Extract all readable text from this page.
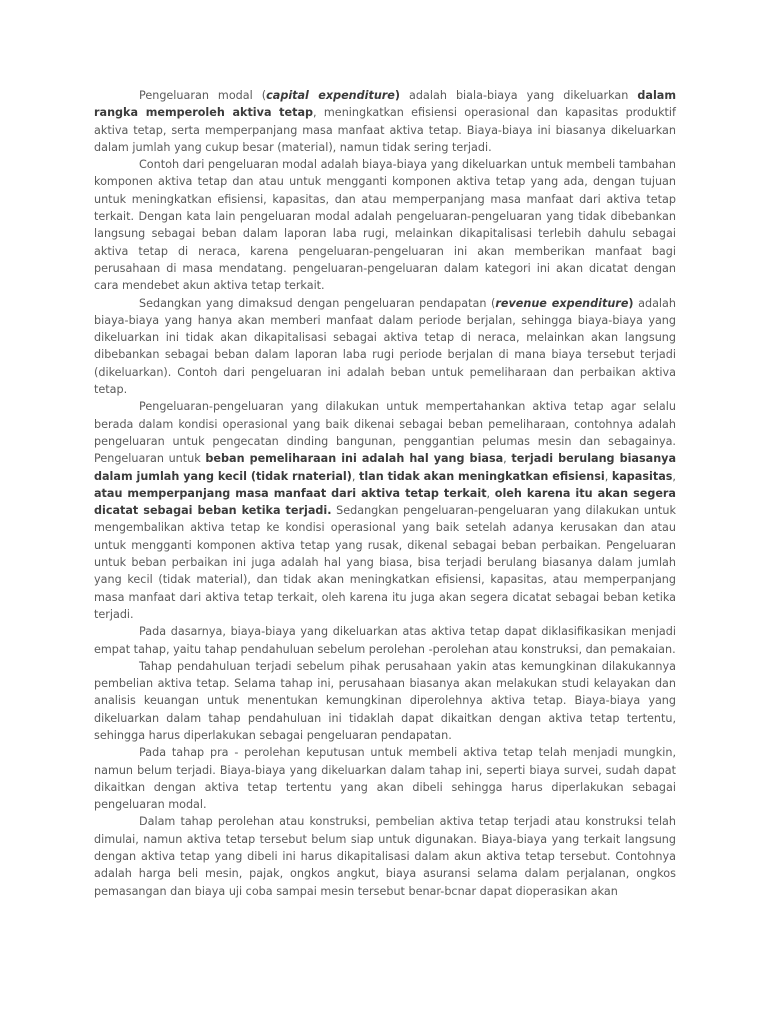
Pengeluaran modal (capital expenditure) adalah biala-biaya yang dikeluarkan dalam rangka memperoleh aktiva tetap, meningkatkan efisiensi operasional dan kapasitas produktif aktiva tetap, serta memperpanjang masa manfaat aktiva tetap. Biaya-biaya ini biasanya dikeluarkan dalam jumlah yang cukup besar (material), namun tidak sering terjadi.

Contoh dari pengeluaran modal adalah biaya-biaya yang dikeluarkan untuk membeli tambahan komponen aktiva tetap dan atau untuk mengganti komponen aktiva tetap yang ada, dengan tujuan untuk meningkatkan efisiensi, kapasitas, dan atau memperpanjang masa manfaat dari aktiva tetap terkait. Dengan kata lain pengeluaran modal adalah pengeluaran-pengeluaran yang tidak dibebankan langsung sebagai beban dalam laporan laba rugi, melainkan dikapitalisasi terlebih dahulu sebagai aktiva tetap di neraca, karena pengeluaran-pengeluaran ini akan memberikan manfaat bagi perusahaan di masa mendatang. pengeluaran-pengeluaran dalam kategori ini akan dicatat dengan cara mendebet akun aktiva tetap terkait.

Sedangkan yang dimaksud dengan pengeluaran pendapatan (revenue expenditure) adalah biaya-biaya yang hanya akan memberi manfaat dalam periode berjalan, sehingga biaya-biaya yang dikeluarkan ini tidak akan dikapitalisasi sebagai aktiva tetap di neraca, melainkan akan langsung dibebankan sebagai beban dalam laporan laba rugi periode berjalan di mana biaya tersebut terjadi (dikeluarkan). Contoh dari pengeluaran ini adalah beban untuk pemeliharaan dan perbaikan aktiva tetap.

Pengeluaran-pengeluaran yang dilakukan untuk mempertahankan aktiva tetap agar selalu berada dalam kondisi operasional yang baik dikenai sebagai beban pemeliharaan, contohnya adalah pengeluaran untuk pengecatan dinding bangunan, penggantian pelumas mesin dan sebagainya. Pengeluaran untuk beban pemeliharaan ini adalah hal yang biasa, terjadi berulang biasanya dalam jumlah yang kecil (tidak rnaterial), tlan tidak akan meningkatkan efisiensi, kapasitas, atau memperpanjang masa manfaat dari aktiva tetap terkait, oleh karena itu akan segera dicatat sebagai beban ketika terjadi. Sedangkan pengeluaran-pengeluaran yang dilakukan untuk mengembalikan aktiva tetap ke kondisi operasional yang baik setelah adanya kerusakan dan atau untuk mengganti komponen aktiva tetap yang rusak, dikenal sebagai beban perbaikan. Pengeluaran untuk beban perbaikan ini juga adalah hal yang biasa, bisa terjadi berulang biasanya dalam jumlah yang kecil (tidak material), dan tidak akan meningkatkan efisiensi, kapasitas, atau memperpanjang masa manfaat dari aktiva tetap terkait, oleh karena itu juga akan segera dicatat sebagai beban ketika terjadi.

Pada dasarnya, biaya-biaya yang dikeluarkan atas aktiva tetap dapat diklasifikasikan menjadi empat tahap, yaitu tahap pendahuluan sebelum perolehan -perolehan atau konstruksi, dan pemakaian.

Tahap pendahuluan terjadi sebelum pihak perusahaan yakin atas kemungkinan dilakukannya pembelian aktiva tetap. Selama tahap ini, perusahaan biasanya akan melakukan studi kelayakan dan analisis keuangan untuk menentukan kemungkinan diperolehnya aktiva tetap. Biaya-biaya yang dikeluarkan dalam tahap pendahuluan ini tidaklah dapat dikaitkan dengan aktiva tetap tertentu, sehingga harus diperlakukan sebagai pengeluaran pendapatan.

Pada tahap pra - perolehan keputusan untuk membeli aktiva tetap telah menjadi mungkin, namun belum terjadi. Biaya-biaya yang dikeluarkan dalam tahap ini, seperti biaya survei, sudah dapat dikaitkan dengan aktiva tetap tertentu yang akan dibeli sehingga harus diperlakukan sebagai pengeluaran modal.

Dalam tahap perolehan atau konstruksi, pembelian aktiva tetap terjadi atau konstruksi telah dimulai, namun aktiva tetap tersebut belum siap untuk digunakan. Biaya-biaya yang terkait langsung dengan aktiva tetap yang dibeli ini harus dikapitalisasi dalam akun aktiva tetap tersebut. Contohnya adalah harga beli mesin, pajak, ongkos angkut, biaya asuransi selama dalam perjalanan, ongkos pemasangan dan biaya uji coba sampai mesin tersebut benar-bcnar dapat dioperasikan akan
